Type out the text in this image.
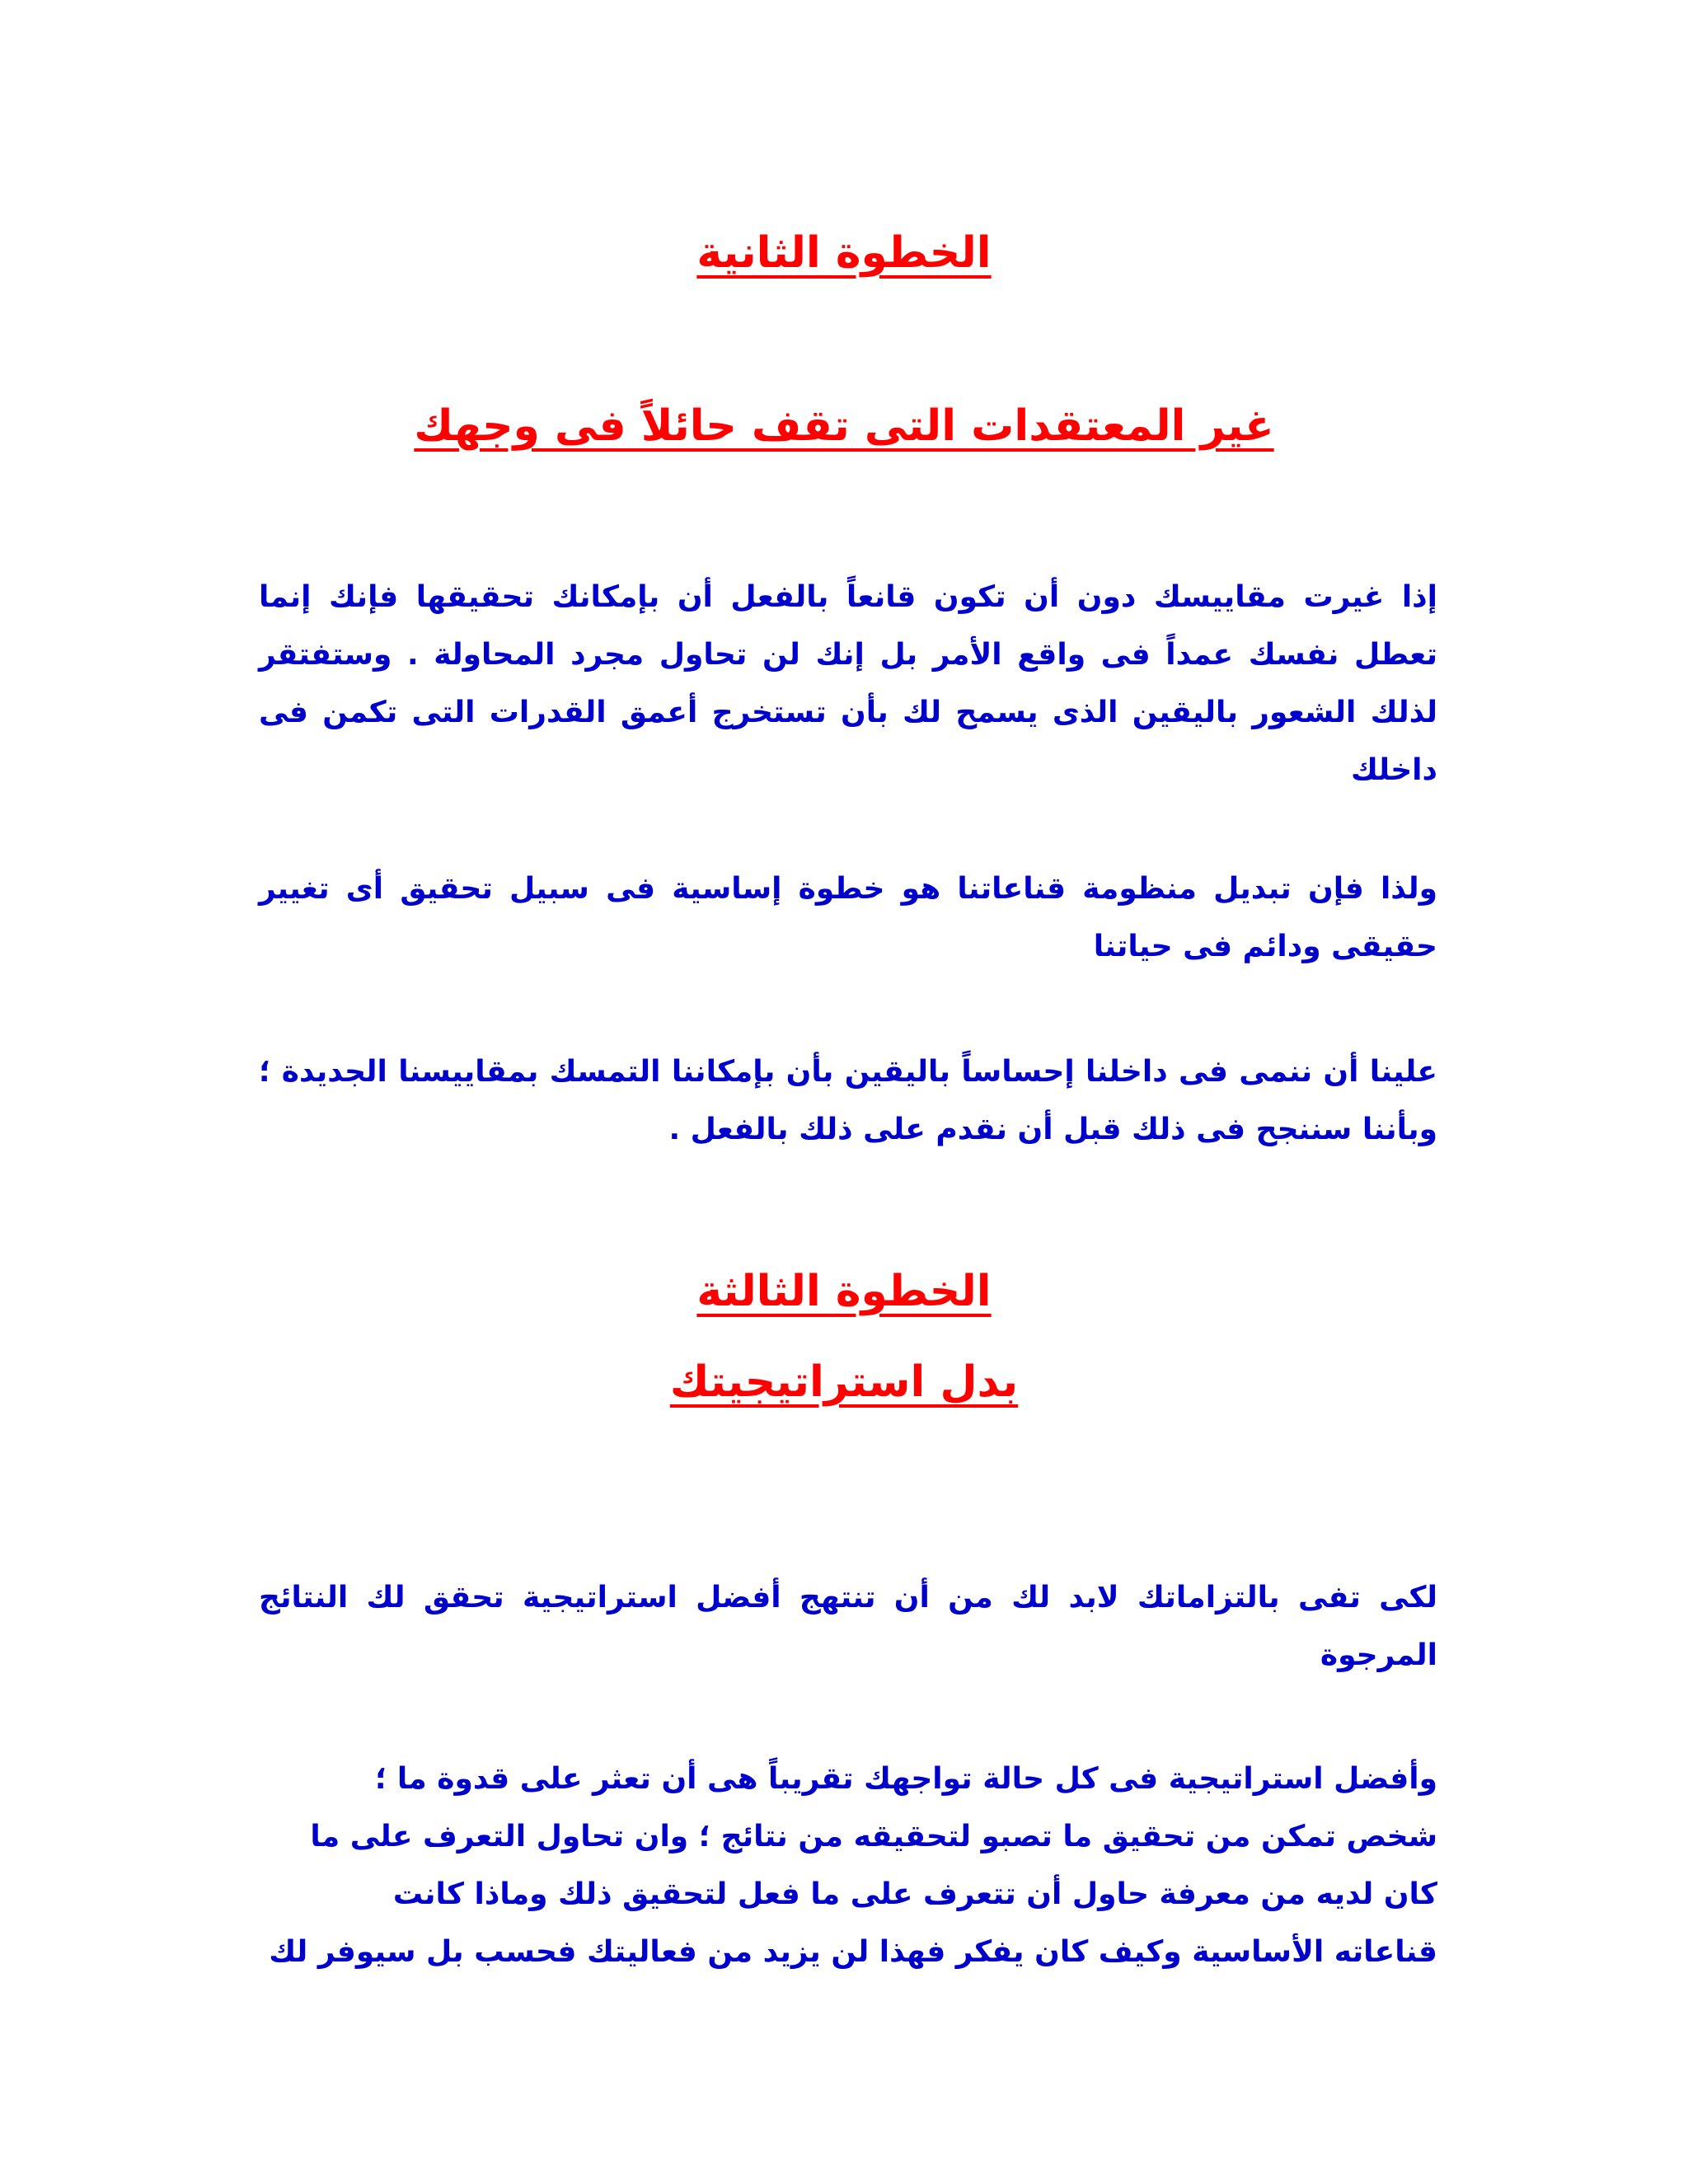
الخطوة الثانية
غير المعتقدات التى تقف حائلاً فى وجهك

إذا غيرت مقاييسك دون أن تكون قانعاً بالفعل أن بإمكانك تحقيقها فإنك إنما تعطل نفسك عمداً فى واقع الأمر بل إنك لن تحاول مجرد المحاولة . وستفتقر لذلك الشعور باليقين الذى يسمح لك بأن تستخرج أعمق القدرات التى تكمن فى داخلك

ولذا فإن تبديل منظومة قناعاتنا هو خطوة إساسية فى سبيل تحقيق أى تغيير حقيقى ودائم فى حياتنا

علينا أن ننمى فى داخلنا إحساساً باليقين بأن بإمكاننا التمسك بمقاييسنا الجديدة ؛ وبأننا سننجح فى ذلك قبل أن نقدم على ذلك بالفعل .

الخطوة الثالثة
بدل استراتيجيتك

لكى تفى بالتزاماتك لابد لك من أن تنتهج أفضل استراتيجية تحقق لك النتائج المرجوة

وأفضل استراتيجية فى كل حالة تواجهك تقريباً هى أن تعثر على قدوة ما ؛
شخص تمكن من تحقيق ما تصبو لتحقيقه من نتائج ؛ وان تحاول التعرف على ما
كان لديه من معرفة حاول أن تتعرف على ما فعل لتحقيق ذلك وماذا كانت
قناعاته الأساسية وكيف كان يفكر فهذا لن يزيد من فعاليتك فحسب بل سيوفر لك
